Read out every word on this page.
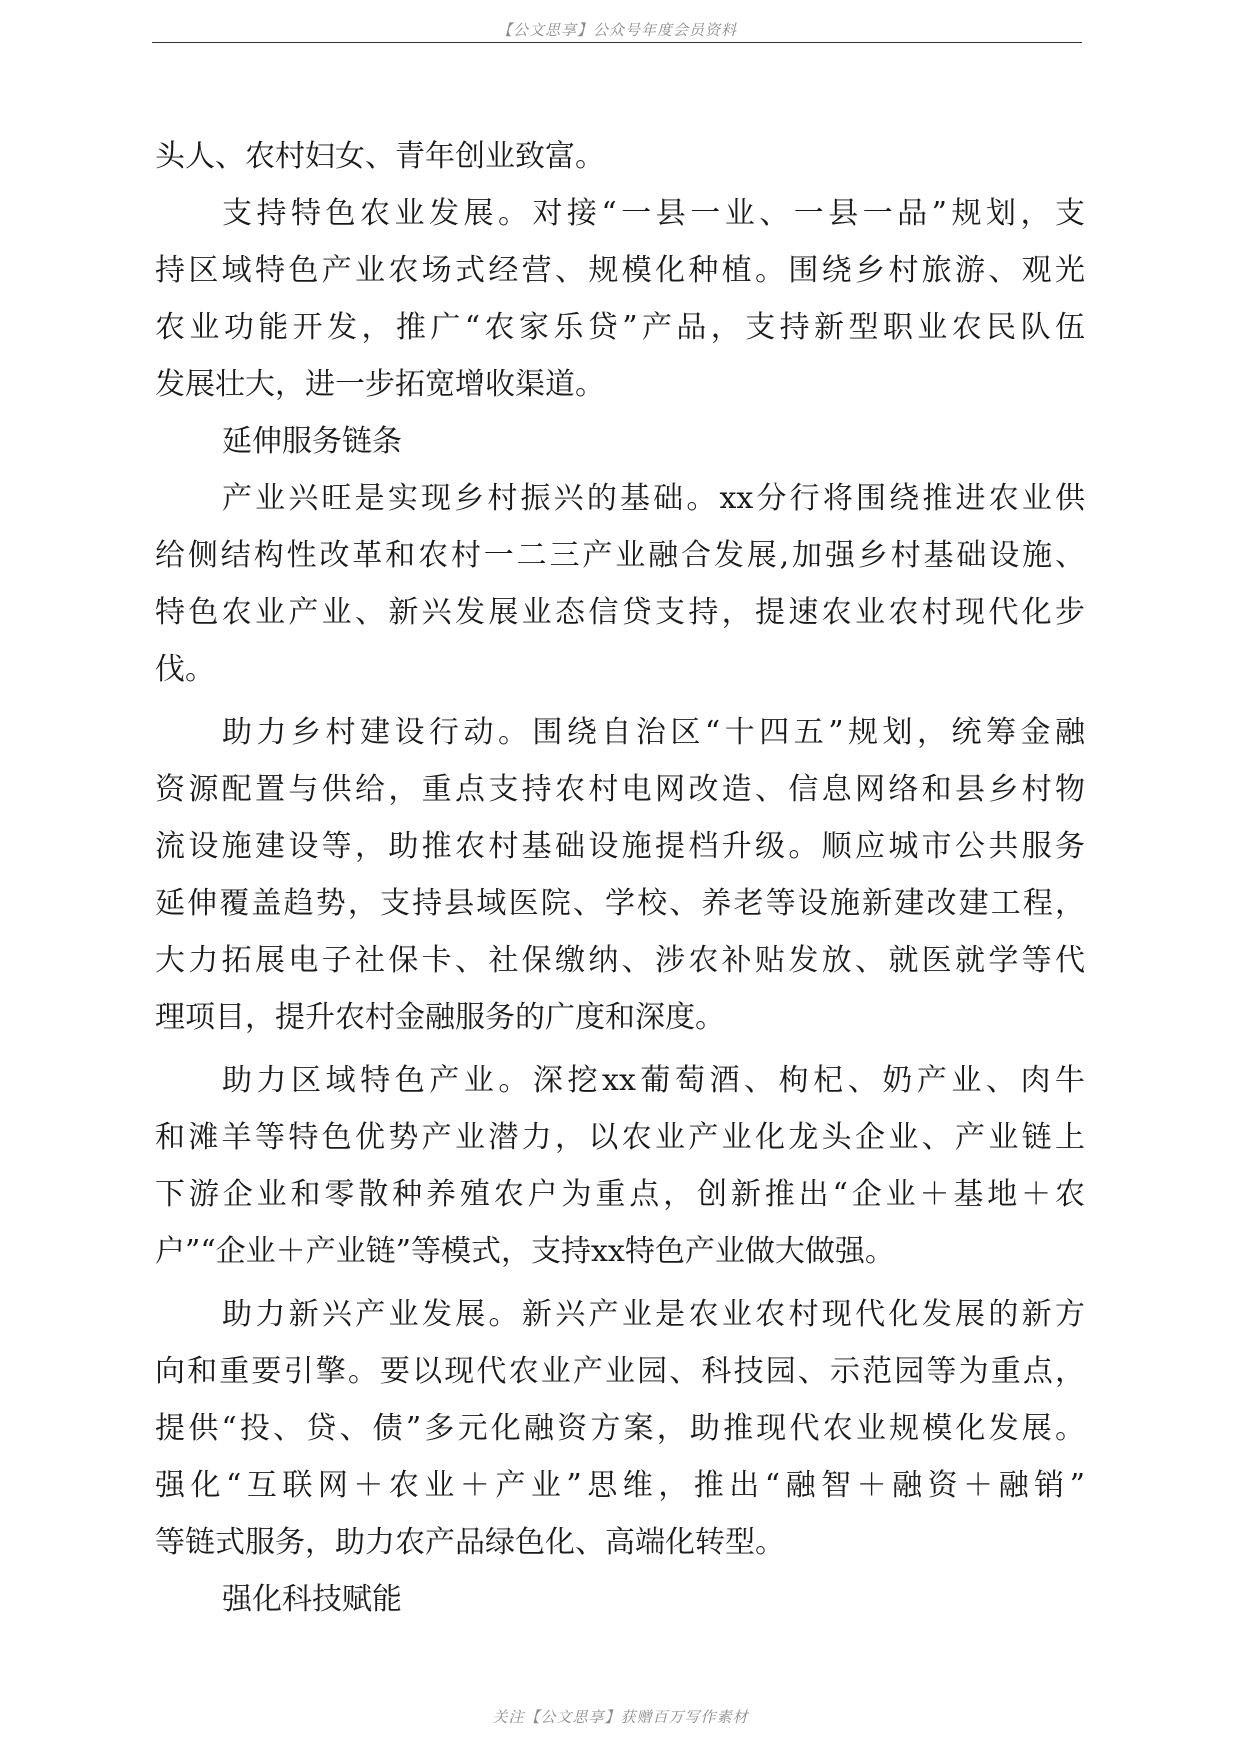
【公文思享】公众号年度会员资料
头人、农村妇女、青年创业致富。
支持特色农业发展。对接“一县一业、一县一品”规划，支
持区域特色产业农场式经营、规模化种植。围绕乡村旅游、观光
农业功能开发，推广“农家乐贷”产品，支持新型职业农民队伍
发展壮大，进一步拓宽增收渠道。
延伸服务链条
产业兴旺是实现乡村振兴的基础。xx分行将围绕推进农业供
给侧结构性改革和农村一二三产业融合发展,加强乡村基础设施、
特色农业产业、新兴发展业态信贷支持，提速农业农村现代化步
伐。
助力乡村建设行动。围绕自治区“十四五”规划，统筹金融
资源配置与供给，重点支持农村电网改造、信息网络和县乡村物
流设施建设等，助推农村基础设施提档升级。顺应城市公共服务
延伸覆盖趋势，支持县域医院、学校、养老等设施新建改建工程，
大力拓展电子社保卡、社保缴纳、涉农补贴发放、就医就学等代
理项目，提升农村金融服务的广度和深度。
助力区域特色产业。深挖xx葡萄酒、枸杞、奶产业、肉牛
和滩羊等特色优势产业潜力，以农业产业化龙头企业、产业链上
下游企业和零散种养殖农户为重点，创新推出“企业＋基地＋农
户”“企业＋产业链”等模式，支持xx特色产业做大做强。
助力新兴产业发展。新兴产业是农业农村现代化发展的新方
向和重要引擎。要以现代农业产业园、科技园、示范园等为重点，
提供“投、贷、债”多元化融资方案，助推现代农业规模化发展。
强化“互联网＋农业＋产业”思维，推出“融智＋融资＋融销”
等链式服务，助力农产品绿色化、高端化转型。
强化科技赋能
关注【公文思享】获赠百万写作素材
